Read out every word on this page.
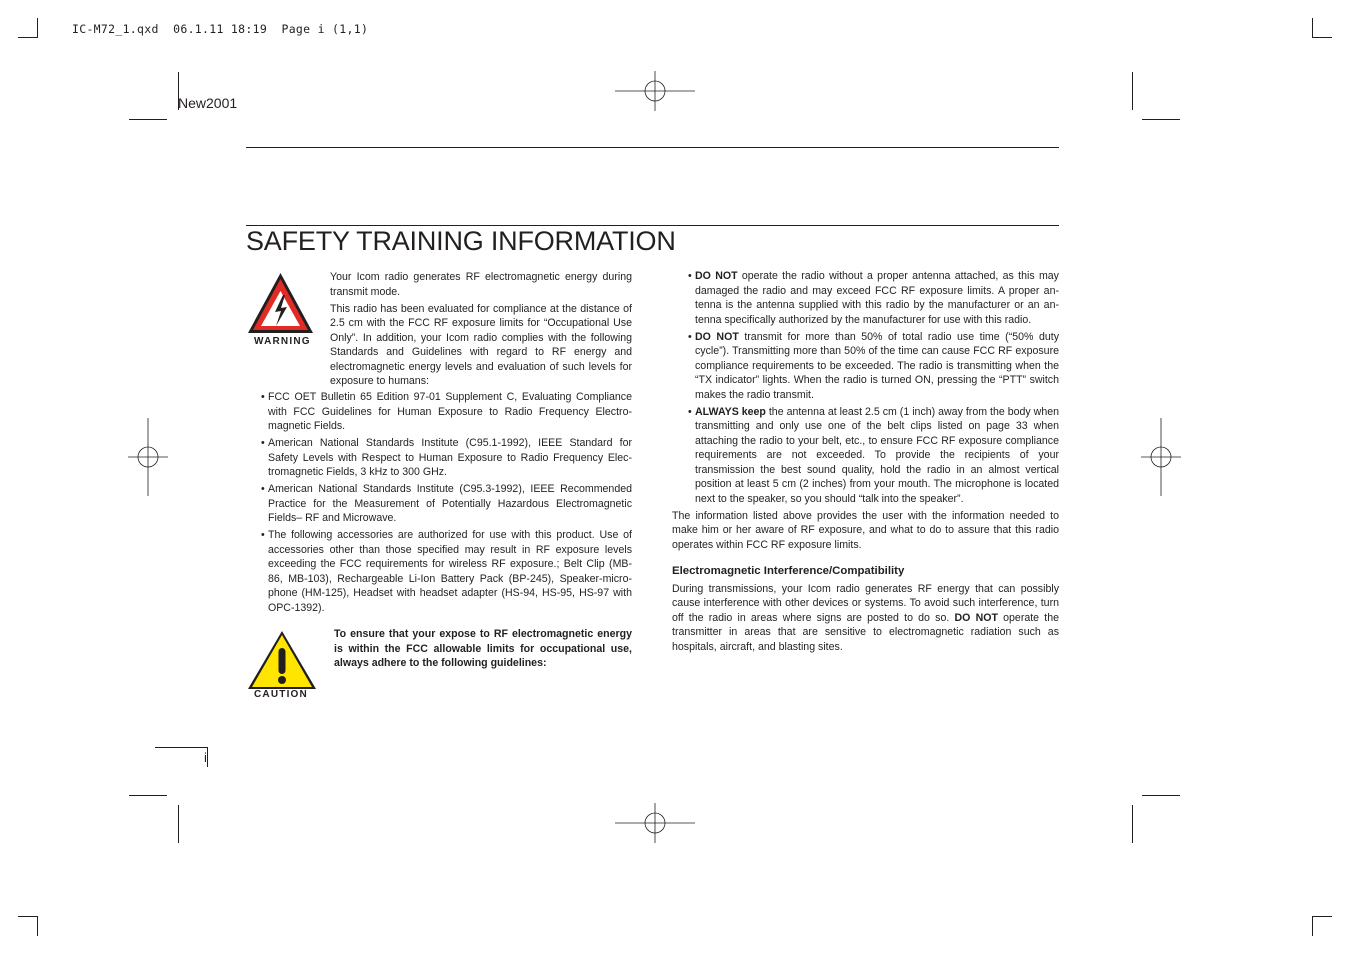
IC-M72_1.qxd  06.1.11 18:19  Page i (1,1)
New2001
SAFETY TRAINING INFORMATION
WARNING

Your Icom radio generates RF electromagnetic energy during transmit mode.

This radio has been evaluated for compliance at the distance of 2.5 cm with the FCC RF exposure limits for “Occupational Use Only”. In addition, your Icom radio complies with the following Standards and Guidelines with regard to RF energy and electromagnetic energy levels and evaluation of such levels for exposure to humans:

• FCC OET Bulletin 65 Edition 97-01 Supplement C, Evaluating Compliance with FCC Guidelines for Human Exposure to Radio Frequency Electromagnetic Fields.
• American National Standards Institute (C95.1-1992), IEEE Standard for Safety Levels with Respect to Human Exposure to Radio Frequency Electromagnetic Fields, 3 kHz to 300 GHz.
• American National Standards Institute (C95.3-1992), IEEE Recommended Practice for the Measurement of Potentially Hazardous Electromagnetic Fields– RF and Microwave.
• The following accessories are authorized for use with this product. Use of accessories other than those specified may result in RF exposure levels exceeding the FCC requirements for wireless RF exposure.; Belt Clip (MB-86, MB-103), Rechargeable Li-Ion Battery Pack (BP-245), Speaker-microphone (HM-125), Headset with headset adapter (HS-94, HS-95, HS-97 with OPC-1392).
CAUTION
To ensure that your expose to RF electromagnetic energy is within the FCC allowable limits for occupational use, always adhere to the following guidelines:
• DO NOT operate the radio without a proper antenna attached, as this may damaged the radio and may exceed FCC RF exposure limits. A proper antenna is the antenna supplied with this radio by the manufacturer or an antenna specifically authorized by the manufacturer for use with this radio.
• DO NOT transmit for more than 50% of total radio use time (“50% duty cycle”). Transmitting more than 50% of the time can cause FCC RF exposure compliance requirements to be exceeded. The radio is transmitting when the “TX indicator” lights. When the radio is turned ON, pressing the “PTT” switch makes the radio transmit.
• ALWAYS keep the antenna at least 2.5 cm (1 inch) away from the body when transmitting and only use one of the belt clips listed on page 33 when attaching the radio to your belt, etc., to ensure FCC RF exposure compliance requirements are not exceeded. To provide the recipients of your transmission the best sound quality, hold the radio in an almost vertical position at least 5 cm (2 inches) from your mouth. The microphone is located next to the speaker, so you should “talk into the speaker”.

The information listed above provides the user with the information needed to make him or her aware of RF exposure, and what to do to assure that this radio operates within FCC RF exposure limits.

Electromagnetic Interference/Compatibility

During transmissions, your Icom radio generates RF energy that can possibly cause interference with other devices or systems. To avoid such interference, turn off the radio in areas where signs are posted to do so. DO NOT operate the transmitter in areas that are sensitive to electromagnetic radiation such as hospitals, aircraft, and blasting sites.

i
